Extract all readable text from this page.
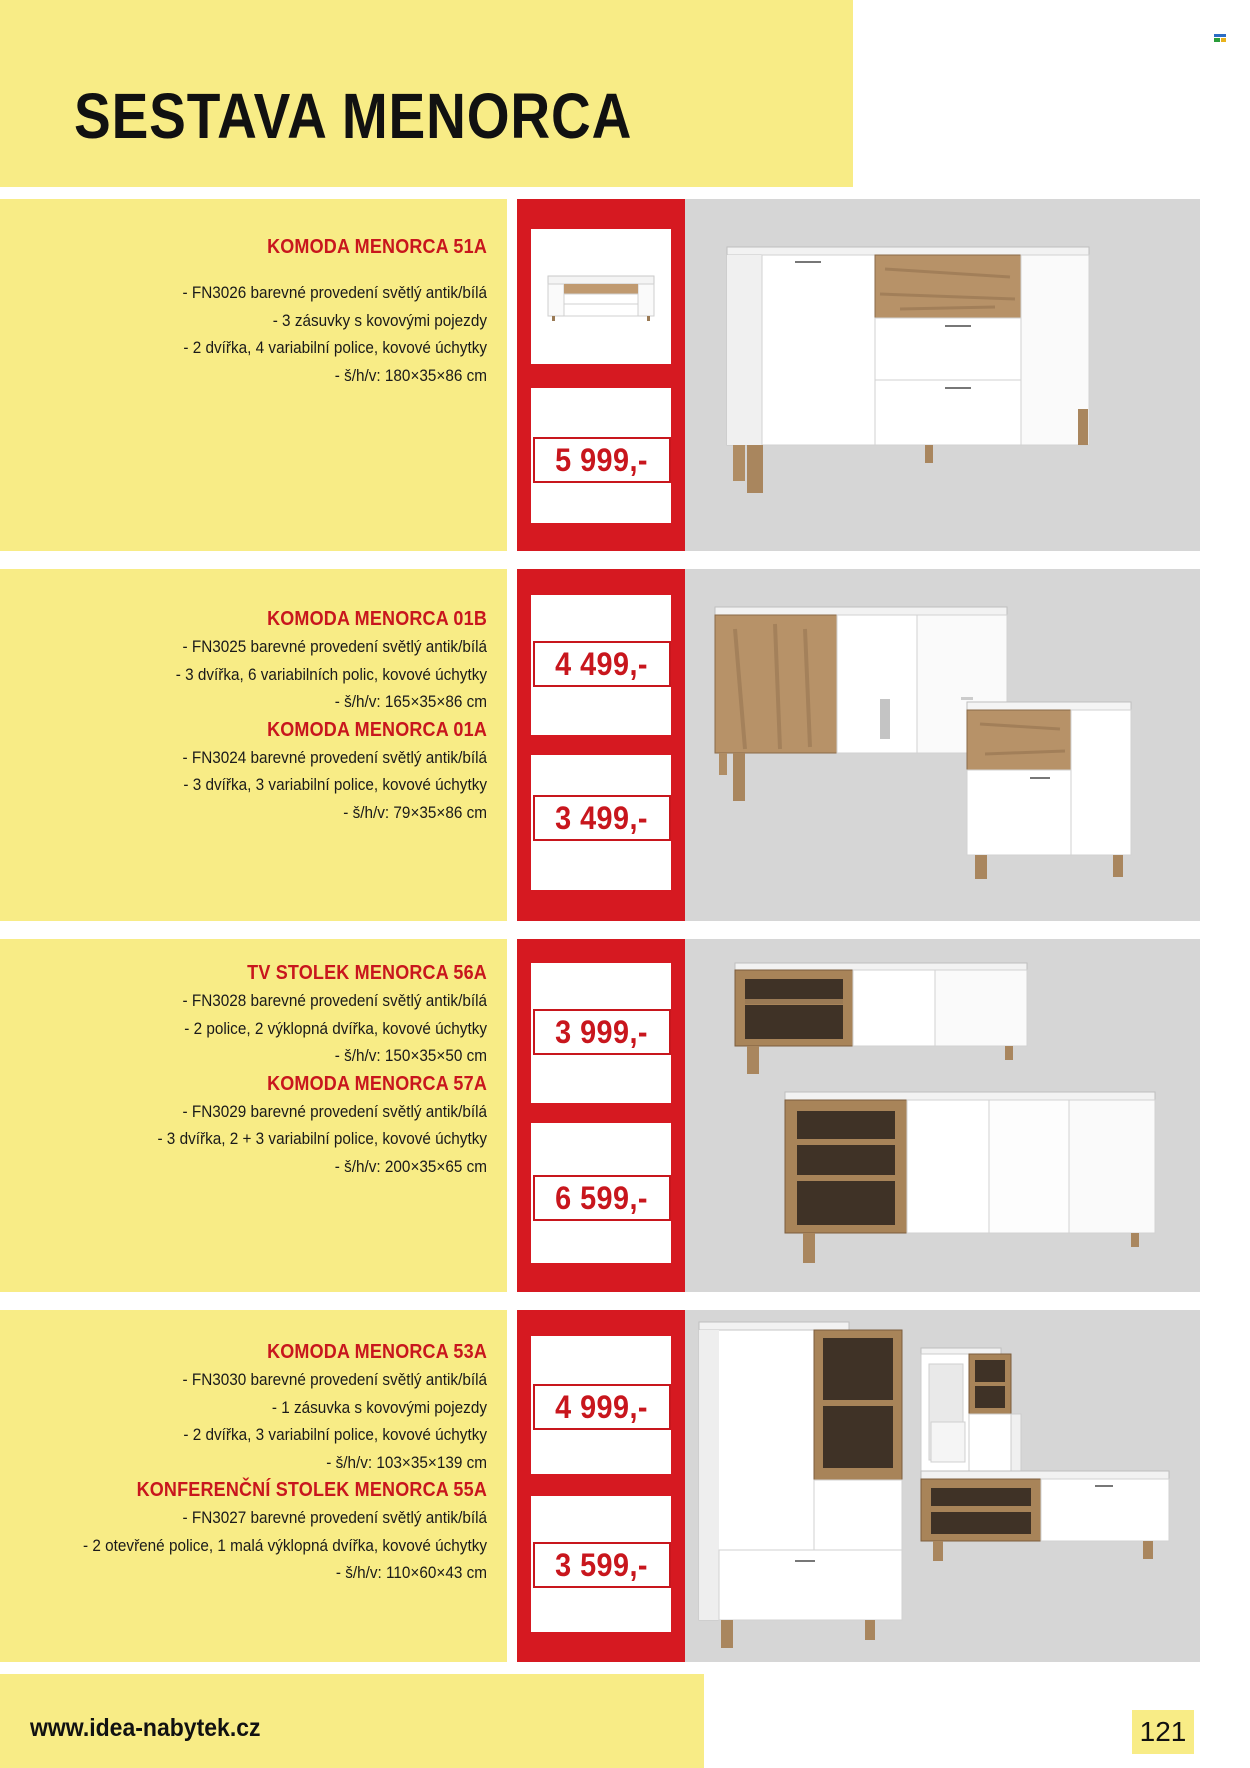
SESTAVA MENORCA
KOMODA MENORCA 51A
- FN3026 barevné provedení světlý antik/bílá
- 3 zásuvky s kovovými pojezdy
- 2 dvířka, 4 variabilní police, kovové úchytky
- š/h/v: 180×35×86 cm
5 999,-
KOMODA MENORCA 01B
- FN3025 barevné provedení světlý antik/bílá
- 3 dvířka, 6 variabilních polic, kovové úchytky
- š/h/v: 165×35×86 cm
KOMODA MENORCA 01A
- FN3024 barevné provedení světlý antik/bílá
- 3 dvířka, 3 variabilní police, kovové úchytky
- š/h/v: 79×35×86 cm
4 499,-
3 499,-
TV STOLEK MENORCA 56A
- FN3028 barevné provedení světlý antik/bílá
- 2 police, 2 výklopná dvířka, kovové úchytky
- š/h/v: 150×35×50 cm
KOMODA MENORCA 57A
- FN3029 barevné provedení světlý antik/bílá
- 3 dvířka, 2 + 3 variabilní police, kovové úchytky
- š/h/v: 200×35×65 cm
3 999,-
6 599,-
KOMODA MENORCA 53A
- FN3030 barevné provedení světlý antik/bílá
- 1 zásuvka s kovovými pojezdy
- 2 dvířka, 3 variabilní police, kovové úchytky
- š/h/v: 103×35×139 cm
KONFERENČNÍ STOLEK MENORCA 55A
- FN3027 barevné provedení světlý antik/bílá
- 2 otevřené police, 1 malá výklopná dvířka, kovové úchytky
- š/h/v: 110×60×43 cm
4 999,-
3 599,-
www.idea-nabytek.cz	121
